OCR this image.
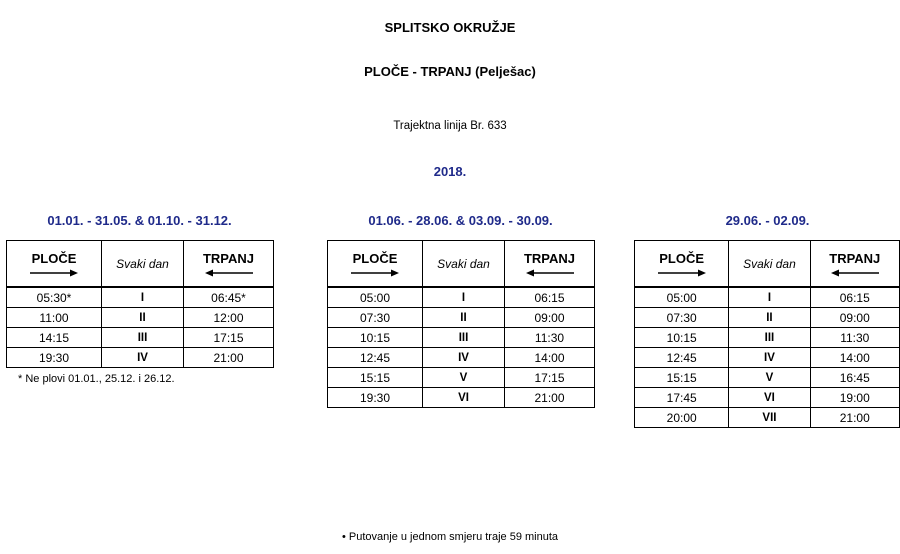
SPLITSKO OKRUŽJE
PLOČE - TRPANJ (Pelješac)
Trajektna linija Br. 633
2018.
01.01. - 31.05. & 01.10. - 31.12.
PLOČE	Svaki dan	TRPANJ

05:30*	I	06:45*
11:00	II	12:00
14:15	III	17:15
19:30	IV	21:00
01.06. - 28.06. & 03.09. - 30.09.
PLOČE	Svaki dan	TRPANJ

05:00	I	06:15
07:30	II	09:00
10:15	III	11:30
12:45	IV	14:00
15:15	V	17:15
19:30	VI	21:00
29.06. - 02.09.
PLOČE	Svaki dan	TRPANJ

05:00	I	06:15
07:30	II	09:00
10:15	III	11:30
12:45	IV	14:00
15:15	V	16:45
17:45	VI	19:00
20:00	VII	21:00
* Ne plovi 01.01., 25.12. i 26.12.
• Putovanje u jednom smjeru traje 59 minuta
